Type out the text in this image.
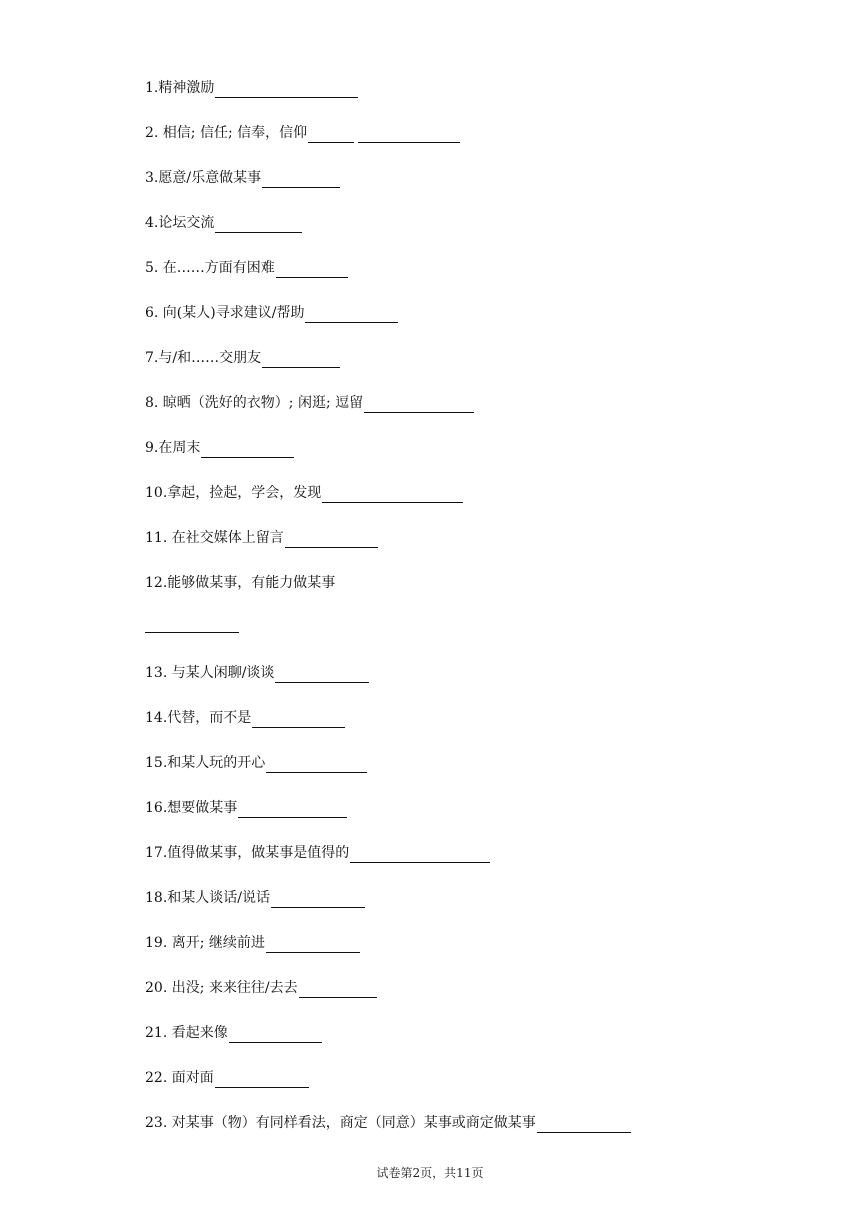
1.精神激励
2. 相信; 信任; 信奉，信仰
3.愿意/乐意做某事
4.论坛交流
5. 在……方面有困难
6. 向(某人)寻求建议/帮助
7.与/和……交朋友
8. 晾晒（洗好的衣物）; 闲逛; 逗留
9.在周末
10.拿起，捡起，学会，发现
11. 在社交媒体上留言
12.能够做某事，有能力做某事
13. 与某人闲聊/谈谈
14.代替，而不是
15.和某人玩的开心
16.想要做某事
17.值得做某事，做某事是值得的
18.和某人谈话/说话
19. 离开; 继续前进
20. 出没; 来来往往/去去
21. 看起来像
22. 面对面
23. 对某事（物）有同样看法，商定（同意）某事或商定做某事
试卷第2页，共11页
